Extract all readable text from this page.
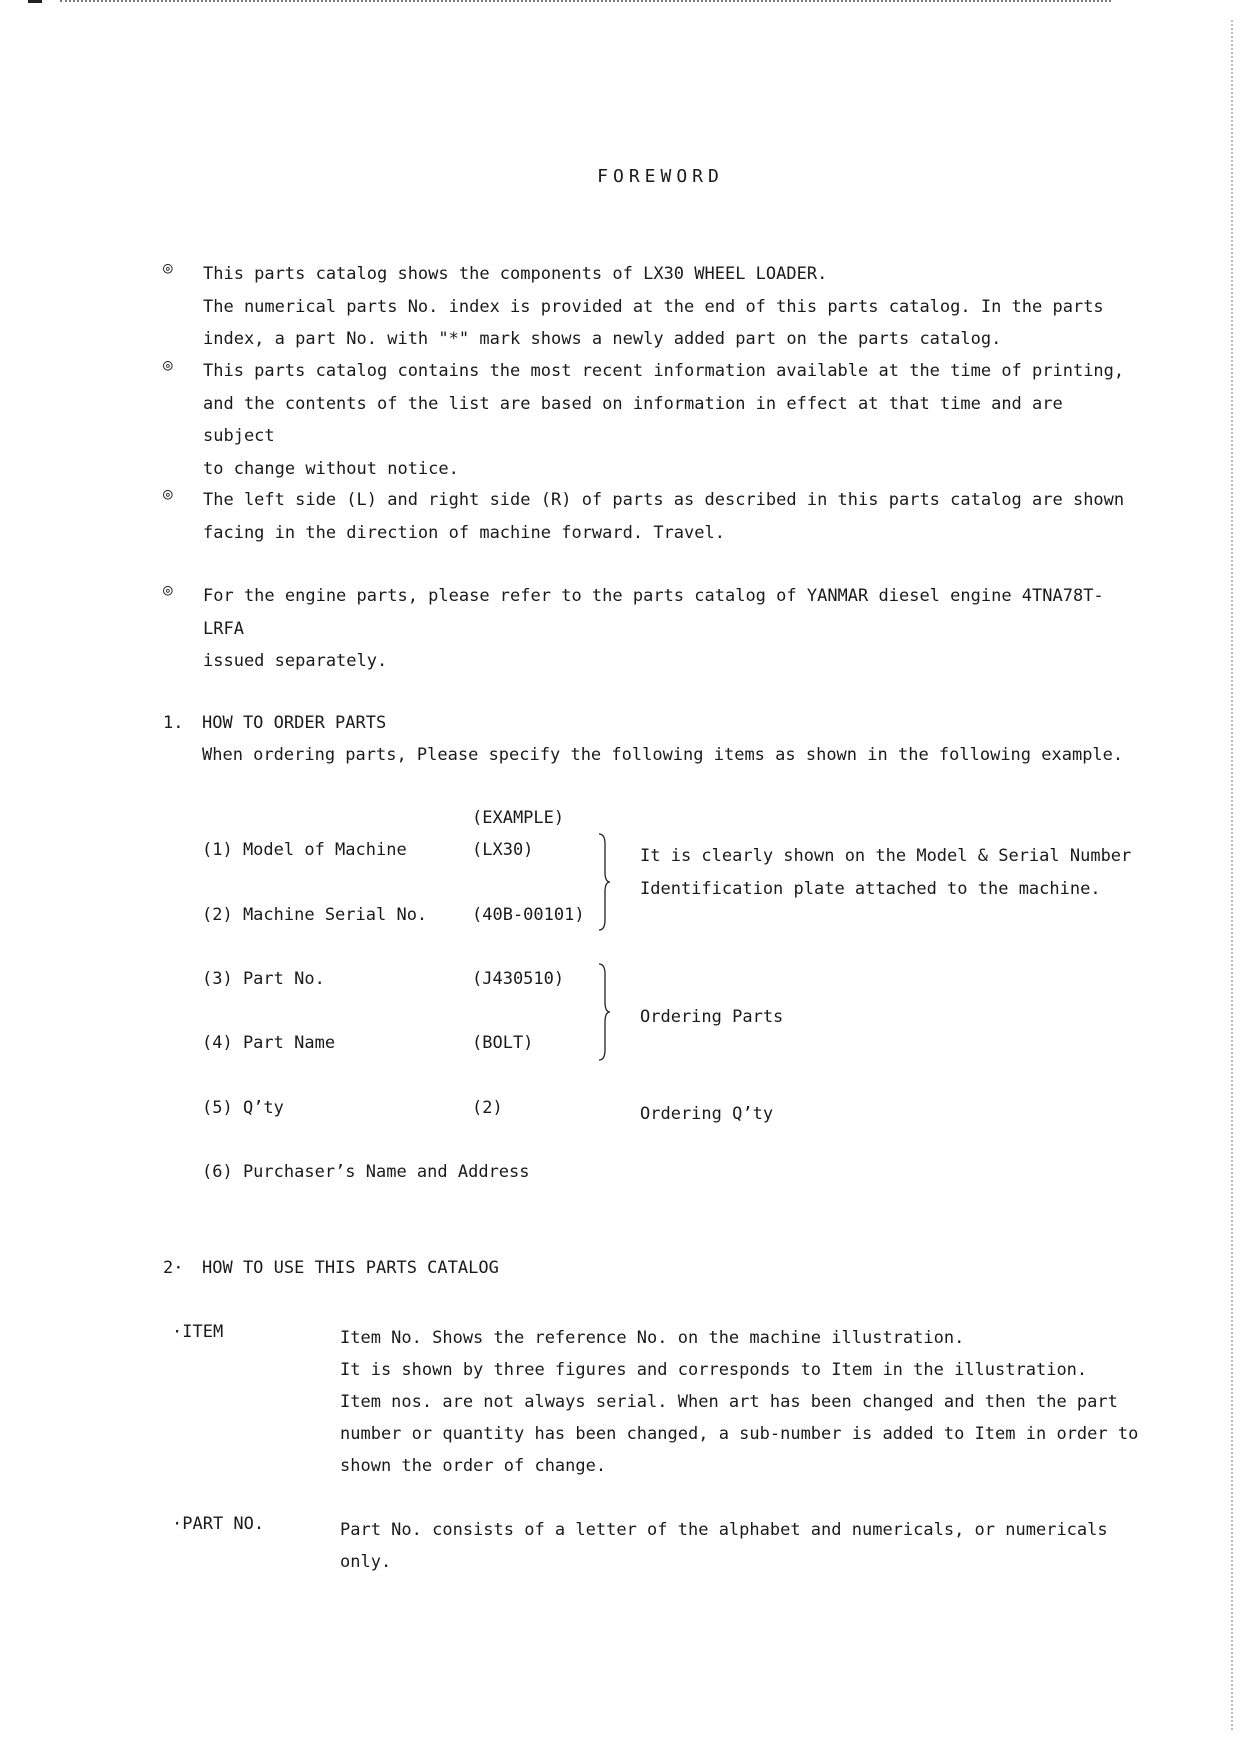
FOREWORD
◎ This parts catalog shows the components of LX30 WHEEL LOADER.
The numerical parts No. index is provided at the end of this parts catalog. In the parts
index, a part No. with "*" mark shows a newly added part on the parts catalog.
◎ This parts catalog contains the most recent information available at the time of printing,
and the contents of the list are based on information in effect at that time and are subject
to change without notice.
◎ The left side (L) and right side (R) of parts as described in this parts catalog are shown
facing in the direction of machine forward. Travel.
◎ For the engine parts, please refer to the parts catalog of YANMAR diesel engine 4TNA78T-LRFA
issued separately.
1. HOW TO ORDER PARTS
When ordering parts, Please specify the following items as shown in the following example.
(EXAMPLE)
(1) Model of Machine	(LX30)
(2) Machine Serial No.	(40B-00101)
It is clearly shown on the Model & Serial Number
Identification plate attached to the machine.
(3) Part No.	(J430510)
(4) Part Name	(BOLT)
Ordering Parts
(5) Q’ty	(2)	Ordering Q’ty
(6) Purchaser’s Name and Address
2· HOW TO USE THIS PARTS CATALOG
·ITEM	Item No. Shows the reference No. on the machine illustration.
It is shown by three figures and corresponds to Item in the illustration.
Item nos. are not always serial. When art has been changed and then the part
number or quantity has been changed, a sub-number is added to Item in order to
shown the order of change.
·PART NO.	Part No. consists of a letter of the alphabet and numericals, or numericals only.
